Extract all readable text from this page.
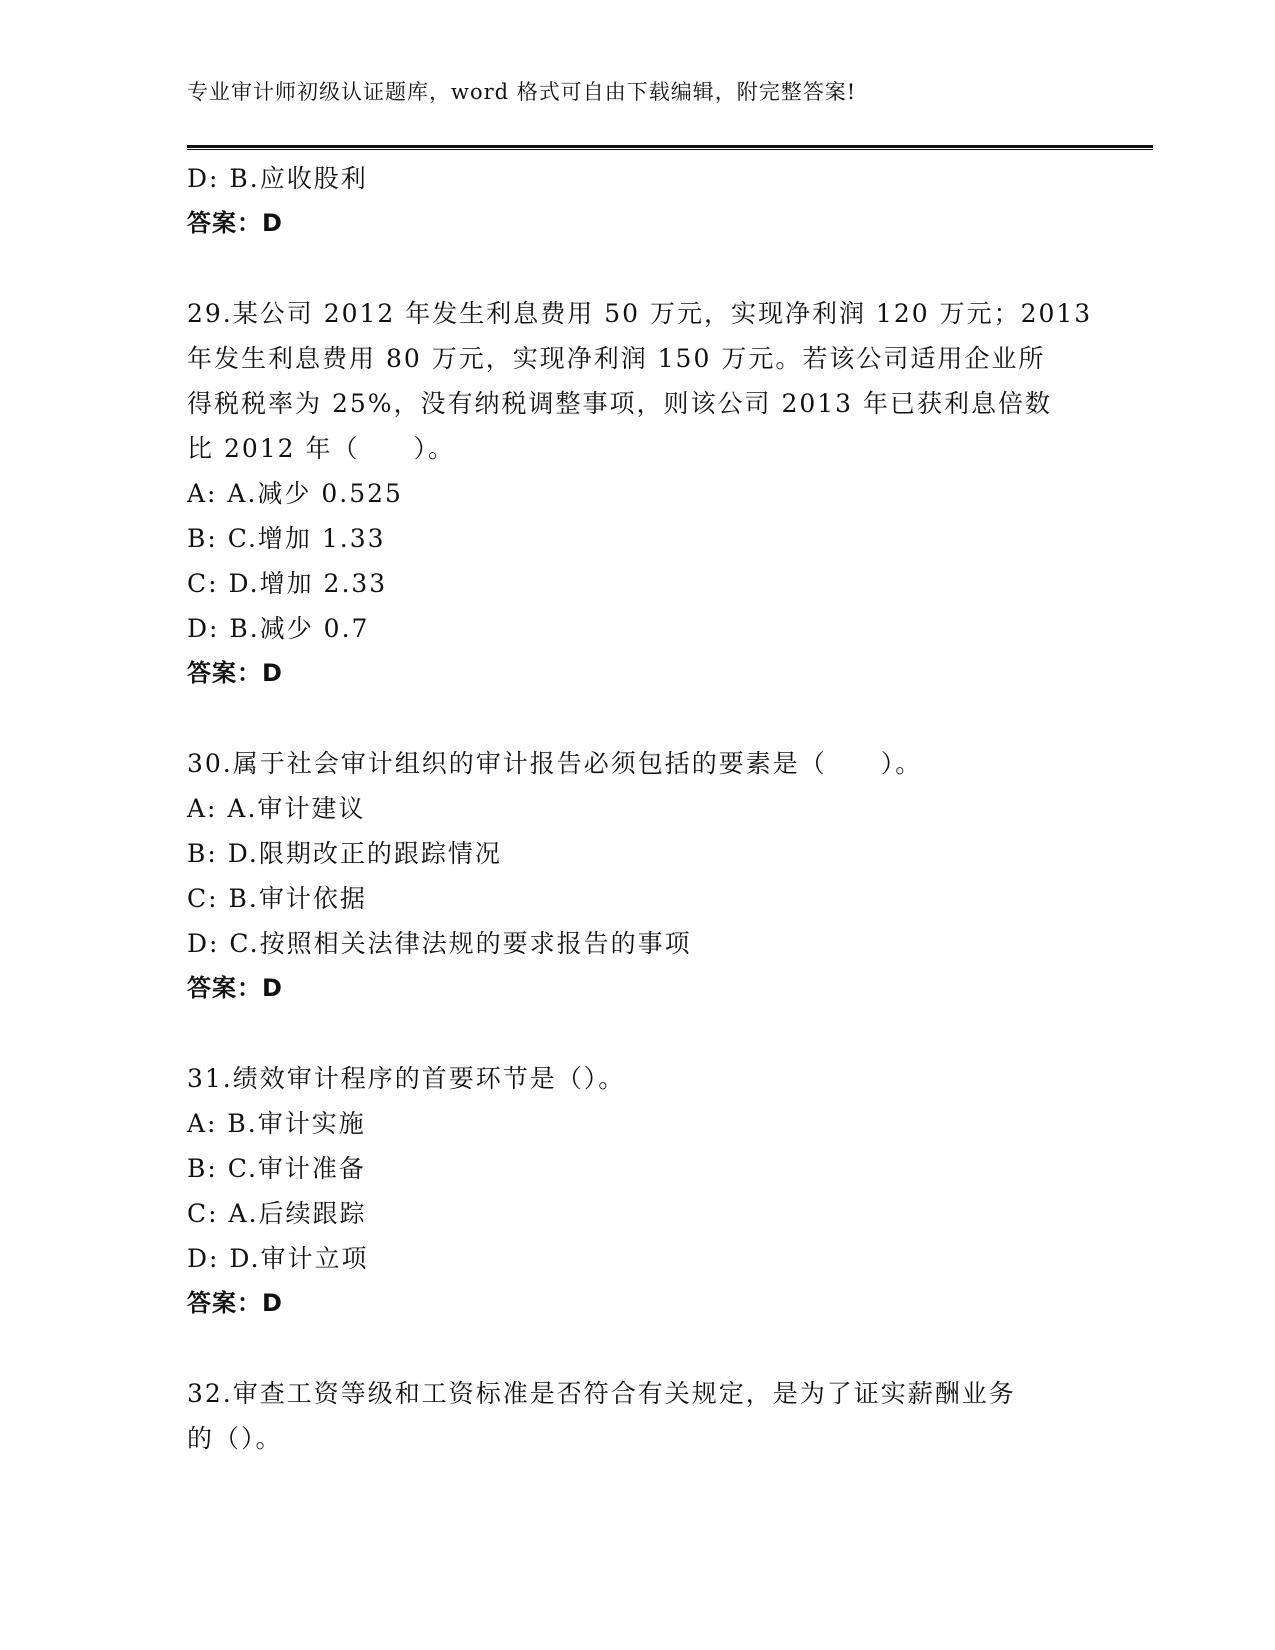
专业审计师初级认证题库，word 格式可自由下载编辑，附完整答案!
D: B.应收股利
答案：D
29.某公司 2012 年发生利息费用 50 万元，实现净利润 120 万元；2013
年发生利息费用 80 万元，实现净利润 150 万元。若该公司适用企业所
得税税率为 25%，没有纳税调整事项，则该公司 2013 年已获利息倍数
比 2012 年（　　）。
A: A.减少 0.525
B: C.增加 1.33
C: D.增加 2.33
D: B.减少 0.7
答案：D
30.属于社会审计组织的审计报告必须包括的要素是（　　）。
A: A.审计建议
B: D.限期改正的跟踪情况
C: B.审计依据
D: C.按照相关法律法规的要求报告的事项
答案：D
31.绩效审计程序的首要环节是（）。
A: B.审计实施
B: C.审计准备
C: A.后续跟踪
D: D.审计立项
答案：D
32.审查工资等级和工资标准是否符合有关规定，是为了证实薪酬业务
的（）。
